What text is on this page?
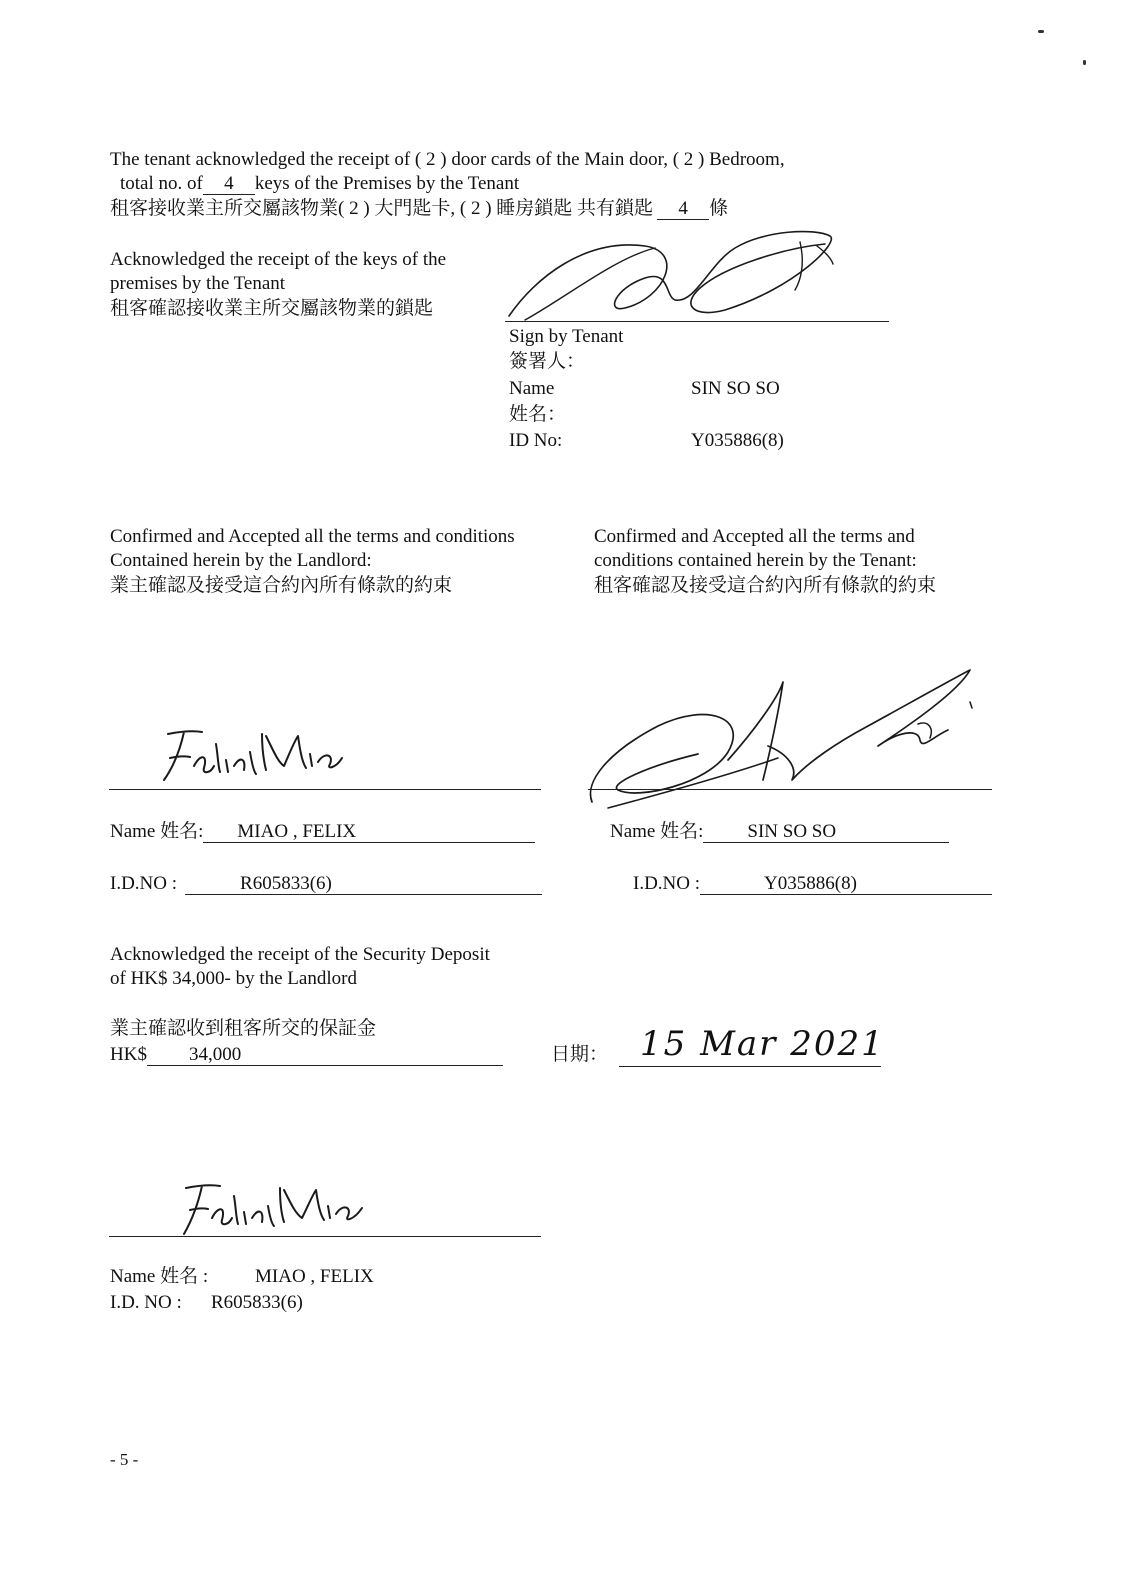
The tenant acknowledged the receipt of ( 2 ) door cards of the Main door, ( 2 ) Bedroom,
total no. of 4 keys of the Premises by the Tenant
租客接收業主所交屬該物業( 2 ) 大門匙卡, ( 2 ) 睡房鎖匙 共有鎖匙 4 條
Acknowledged the receipt of the keys of the
premises by the Tenant
租客確認接收業主所交屬該物業的鎖匙
Sign by Tenant
簽署人：
Name	SIN SO SO
姓名：
ID No:	Y035886(8)
Confirmed and Accepted all the terms and conditions
Contained herein by the Landlord:
業主確認及接受這合約內所有條款的約束
Confirmed and Accepted all the terms and
conditions contained herein by the Tenant:
租客確認及接受這合約內所有條款的約束
Name 姓名: MIAO , FELIX	Name 姓名: SIN SO SO
I.D.NO :	R605833(6)	I.D.NO :	Y035886(8)
Acknowledged the receipt of the Security Deposit
of HK$ 34,000- by the Landlord
業主確認收到租客所交的保証金
HK$ 34,000	日期： 15 Mar 2021
Name 姓名 : MIAO , FELIX
I.D. NO : R605833(6)
- 5 -
